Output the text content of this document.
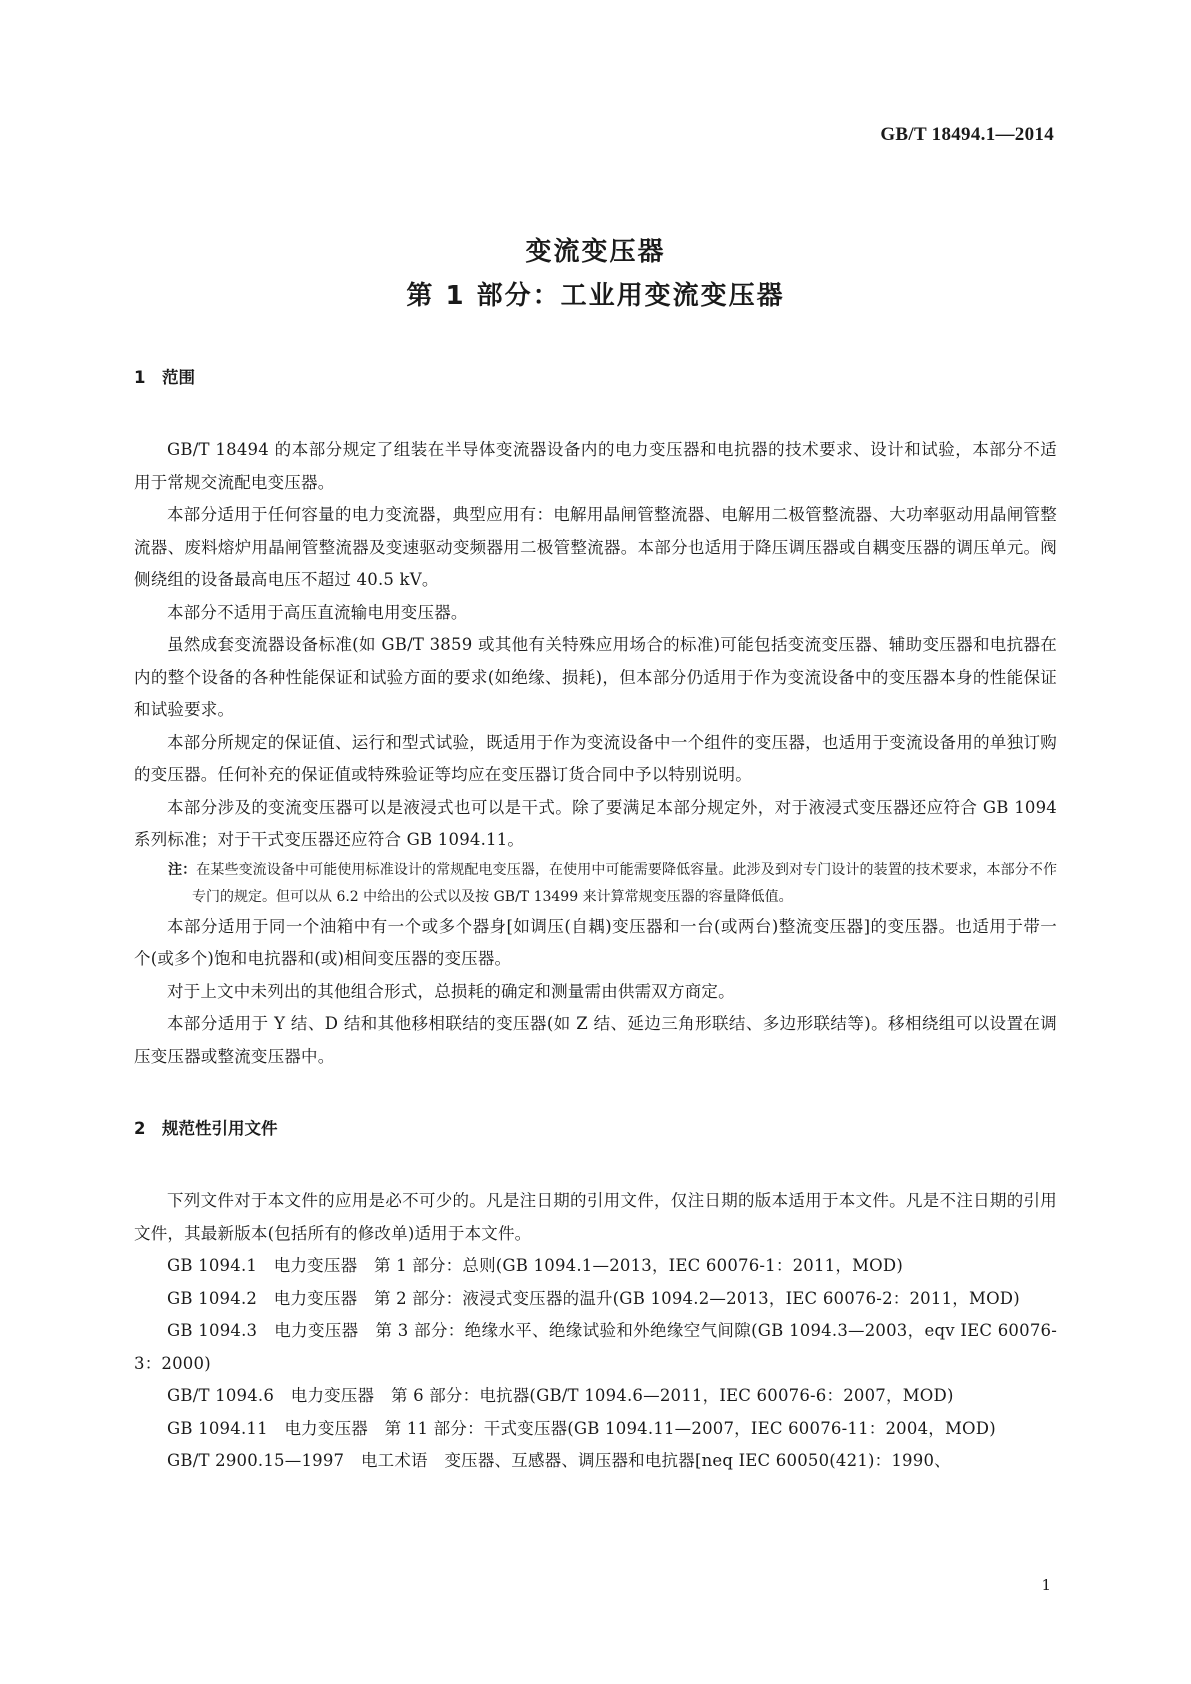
GB/T 18494.1—2014
变流变压器
第 1 部分：工业用变流变压器
1 范围

GB/T 18494 的本部分规定了组装在半导体变流器设备内的电力变压器和电抗器的技术要求、设计和试验，本部分不适用于常规交流配电变压器。

本部分适用于任何容量的电力变流器，典型应用有：电解用晶闸管整流器、电解用二极管整流器、大功率驱动用晶闸管整流器、废料熔炉用晶闸管整流器及变速驱动变频器用二极管整流器。本部分也适用于降压调压器或自耦变压器的调压单元。阀侧绕组的设备最高电压不超过 40.5 kV。

本部分不适用于高压直流输电用变压器。

虽然成套变流器设备标准(如 GB/T 3859 或其他有关特殊应用场合的标准)可能包括变流变压器、辅助变压器和电抗器在内的整个设备的各种性能保证和试验方面的要求(如绝缘、损耗)，但本部分仍适用于作为变流设备中的变压器本身的性能保证和试验要求。

本部分所规定的保证值、运行和型式试验，既适用于作为变流设备中一个组件的变压器，也适用于变流设备用的单独订购的变压器。任何补充的保证值或特殊验证等均应在变压器订货合同中予以特别说明。

本部分涉及的变流变压器可以是液浸式也可以是干式。除了要满足本部分规定外，对于液浸式变压器还应符合 GB 1094 系列标准；对于干式变压器还应符合 GB 1094.11。

注：在某些变流设备中可能使用标准设计的常规配电变压器，在使用中可能需要降低容量。此涉及到对专门设计的装置的技术要求，本部分不作专门的规定。但可以从 6.2 中给出的公式以及按 GB/T 13499 来计算常规变压器的容量降低值。

本部分适用于同一个油箱中有一个或多个器身[如调压(自耦)变压器和一台(或两台)整流变压器]的变压器。也适用于带一个(或多个)饱和电抗器和(或)相间变压器的变压器。

对于上文中未列出的其他组合形式，总损耗的确定和测量需由供需双方商定。

本部分适用于 Y 结、D 结和其他移相联结的变压器(如 Z 结、延边三角形联结、多边形联结等)。移相绕组可以设置在调压变压器或整流变压器中。

2 规范性引用文件

下列文件对于本文件的应用是必不可少的。凡是注日期的引用文件，仅注日期的版本适用于本文件。凡是不注日期的引用文件，其最新版本(包括所有的修改单)适用于本文件。

GB 1094.1　电力变压器　第 1 部分：总则(GB 1094.1—2013，IEC 60076-1：2011，MOD)

GB 1094.2　电力变压器　第 2 部分：液浸式变压器的温升(GB 1094.2—2013，IEC 60076-2：2011，MOD)

GB 1094.3　电力变压器　第 3 部分：绝缘水平、绝缘试验和外绝缘空气间隙(GB 1094.3—2003，eqv IEC 60076-3：2000)

GB/T 1094.6　电力变压器　第 6 部分：电抗器(GB/T 1094.6—2011，IEC 60076-6：2007，MOD)

GB 1094.11　电力变压器　第 11 部分：干式变压器(GB 1094.11—2007，IEC 60076-11：2004，MOD)

GB/T 2900.15—1997　电工术语　变压器、互感器、调压器和电抗器[neq IEC 60050(421)：1990、

1
